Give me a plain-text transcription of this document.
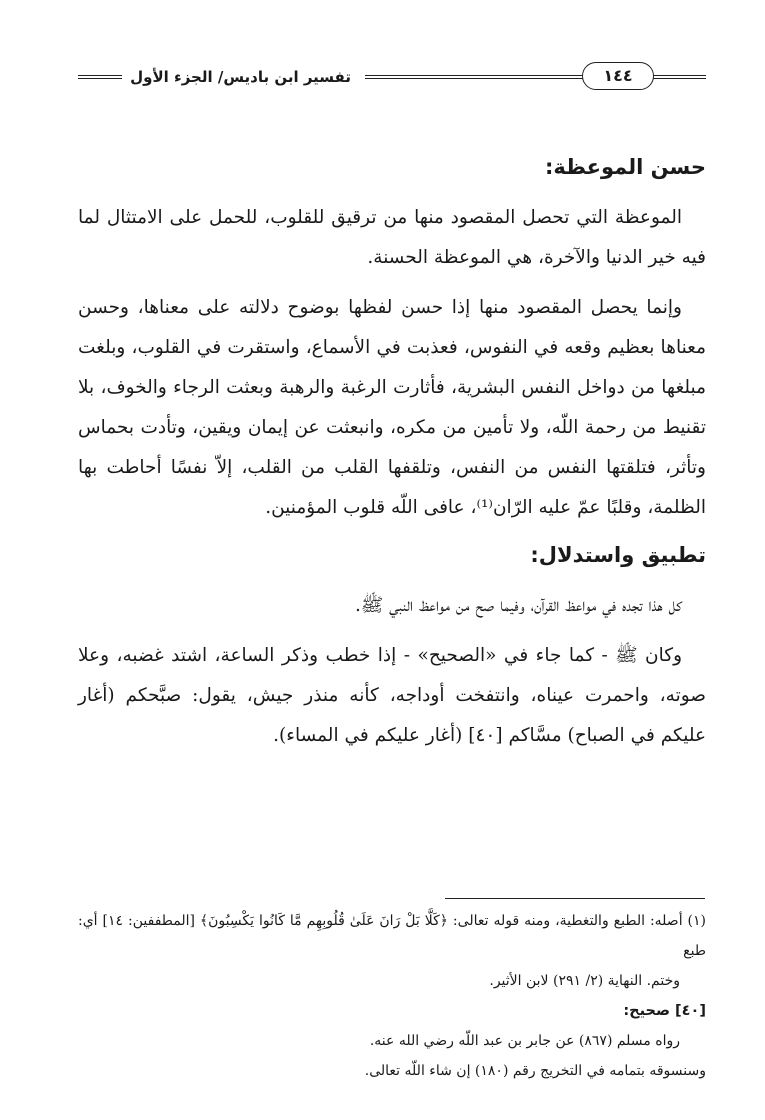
تفسير ابن باديس/ الجزء الأول	١٤٤
حسن الموعظة:

الموعظة التي تحصل المقصود منها من ترقيق للقلوب، للحمل على الامتثال لما فيه خير الدنيا والآخرة، هي الموعظة الحسنة.

وإنما يحصل المقصود منها إذا حسن لفظها بوضوح دلالته على معناها، وحسن معناها بعظيم وقعه في النفوس، فعذبت في الأسماع، واستقرت في القلوب، وبلغت مبلغها من دواخل النفس البشرية، فأثارت الرغبة والرهبة وبعثت الرجاء والخوف، بلا تقنيط من رحمة اللّه، ولا تأمين من مكره، وانبعثت عن إيمان ويقين، وتأدت بحماس وتأثر، فتلقتها النفس من النفس، وتلقفها القلب من القلب، إلاّ نفسًا أحاطت بها الظلمة، وقلبًا عمّ عليه الرّان⁽¹⁾، عافى اللّه قلوب المؤمنين.

تطبيق واستدلال:

كل هذا تجده في مواعظ القرآن، وفيما صح من مواعظ النبي ﷺ.

وكان ﷺ - كما جاء في «الصحيح» - إذا خطب وذكر الساعة، اشتد غضبه، وعلا صوته، واحمرت عيناه، وانتفخت أوداجه، كأنه منذر جيش، يقول: صبَّحكم (أغار عليكم في الصباح) مسَّاكم [٤٠] (أغار عليكم في المساء).

(١) أصله: الطبع والتغطية، ومنه قوله تعالى: ﴿كَلَّا بَلْ رَانَ عَلَىٰ قُلُوبِهِم مَّا كَانُوا يَكْسِبُونَ﴾ [المطففين: ١٤] أي: طبع

وختم. النهاية (٢/ ٢٩١) لابن الأثير.

[٤٠] صحيح:

رواه مسلم (٨٦٧) عن جابر بن عبد اللّه رضي الله عنه.

وسنسوقه بتمامه في التخريج رقم (١٨٠) إن شاء اللّه تعالى.
